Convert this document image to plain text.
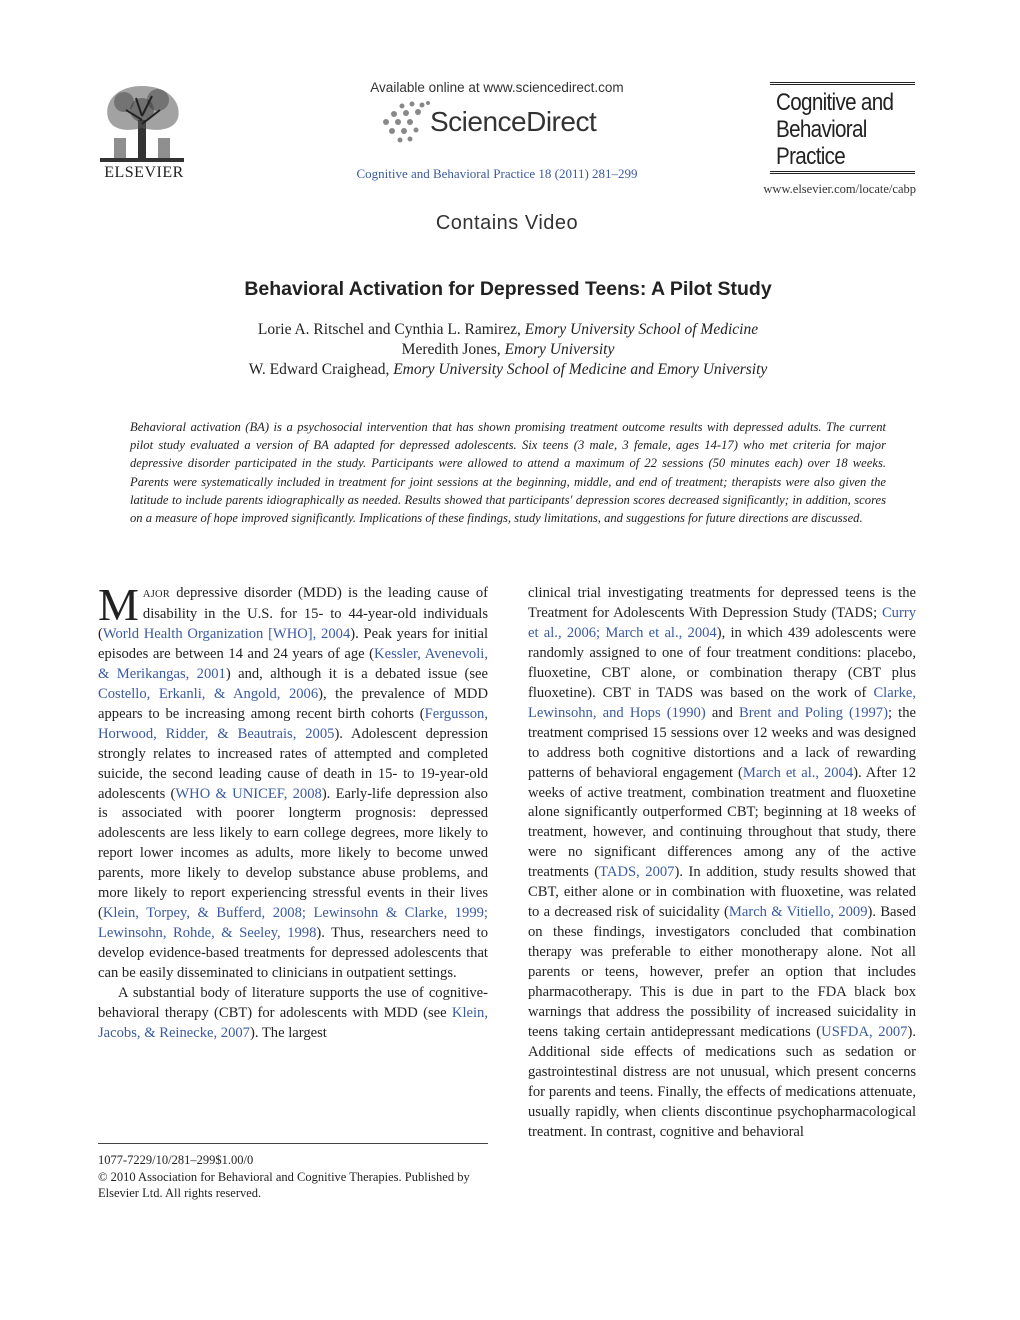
ELSEVIER
Available online at www.sciencedirect.com
ScienceDirect
Cognitive and Behavioral Practice 18 (2011) 281–299
Cognitive and
Behavioral
Practice
www.elsevier.com/locate/cabp
Contains Video
Behavioral Activation for Depressed Teens: A Pilot Study
Lorie A. Ritschel and Cynthia L. Ramirez, Emory University School of Medicine
Meredith Jones, Emory University
W. Edward Craighead, Emory University School of Medicine and Emory University
Behavioral activation (BA) is a psychosocial intervention that has shown promising treatment outcome results with depressed adults. The current pilot study evaluated a version of BA adapted for depressed adolescents. Six teens (3 male, 3 female, ages 14-17) who met criteria for major depressive disorder participated in the study. Participants were allowed to attend a maximum of 22 sessions (50 minutes each) over 18 weeks. Parents were systematically included in treatment for joint sessions at the beginning, middle, and end of treatment; therapists were also given the latitude to include parents idiographically as needed. Results showed that participants' depression scores decreased significantly; in addition, scores on a measure of hope improved significantly. Implications of these findings, study limitations, and suggestions for future directions are discussed.

MAJOR depressive disorder (MDD) is the leading cause of disability in the U.S. for 15- to 44-year-old individuals (World Health Organization [WHO], 2004). Peak years for initial episodes are between 14 and 24 years of age (Kessler, Avenevoli, & Merikangas, 2001) and, although it is a debated issue (see Costello, Erkanli, & Angold, 2006), the prevalence of MDD appears to be increasing among recent birth cohorts (Fergusson, Horwood, Ridder, & Beautrais, 2005). Adolescent depression strongly relates to increased rates of attempted and completed suicide, the second leading cause of death in 15- to 19-year-old adolescents (WHO & UNICEF, 2008). Early-life depression also is associated with poorer longterm prognosis: depressed adolescents are less likely to earn college degrees, more likely to report lower incomes as adults, more likely to become unwed parents, more likely to develop substance abuse problems, and more likely to report experiencing stressful events in their lives (Klein, Torpey, & Bufferd, 2008; Lewinsohn & Clarke, 1999; Lewinsohn, Rohde, & Seeley, 1998). Thus, researchers need to develop evidence-based treatments for depressed adolescents that can be easily disseminated to clinicians in outpatient settings.

A substantial body of literature supports the use of cognitive-behavioral therapy (CBT) for adolescents with MDD (see Klein, Jacobs, & Reinecke, 2007). The largest

clinical trial investigating treatments for depressed teens is the Treatment for Adolescents With Depression Study (TADS; Curry et al., 2006; March et al., 2004), in which 439 adolescents were randomly assigned to one of four treatment conditions: placebo, fluoxetine, CBT alone, or combination therapy (CBT plus fluoxetine). CBT in TADS was based on the work of Clarke, Lewinsohn, and Hops (1990) and Brent and Poling (1997); the treatment comprised 15 sessions over 12 weeks and was designed to address both cognitive distortions and a lack of rewarding patterns of behavioral engagement (March et al., 2004). After 12 weeks of active treatment, combination treatment and fluoxetine alone significantly outperformed CBT; beginning at 18 weeks of treatment, however, and continuing throughout that study, there were no significant differences among any of the active treatments (TADS, 2007). In addition, study results showed that CBT, either alone or in combination with fluoxetine, was related to a decreased risk of suicidality (March & Vitiello, 2009). Based on these findings, investigators concluded that combination therapy was preferable to either monotherapy alone. Not all parents or teens, however, prefer an option that includes pharmacotherapy. This is due in part to the FDA black box warnings that address the possibility of increased suicidality in teens taking certain antidepressant medications (USFDA, 2007). Additional side effects of medications such as sedation or gastrointestinal distress are not unusual, which present concerns for parents and teens. Finally, the effects of medications attenuate, usually rapidly, when clients discontinue psychopharmacological treatment. In contrast, cognitive and behavioral

1077-7229/10/281–299$1.00/0
© 2010 Association for Behavioral and Cognitive Therapies. Published by Elsevier Ltd. All rights reserved.
